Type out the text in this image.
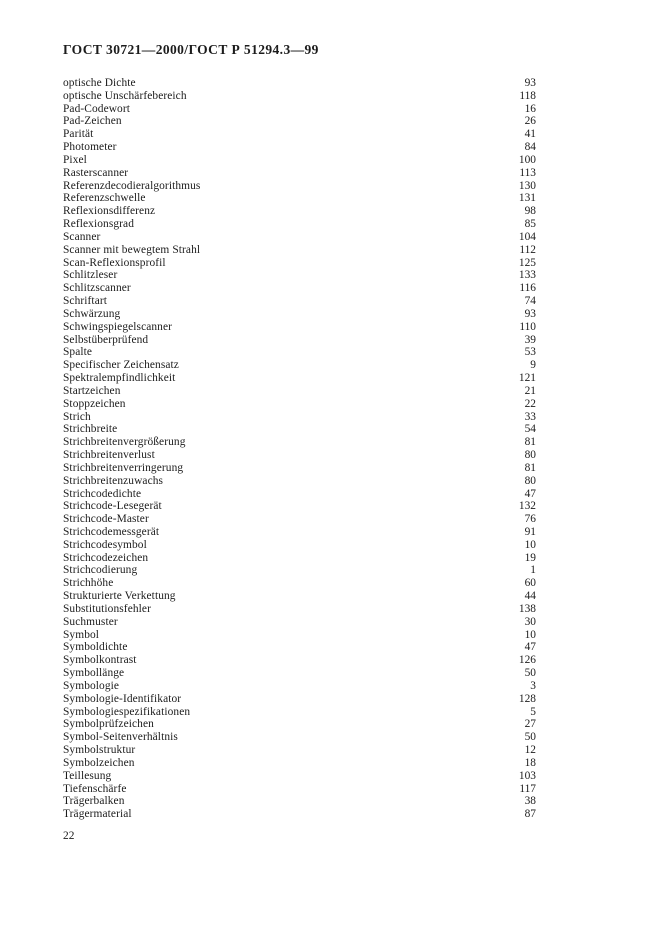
ГОСТ 30721—2000/ГОСТ Р 51294.3—99
optische Dichte	93
optische Unschärfebereich	118
Pad-Codewort	16
Pad-Zeichen	26
Parität	41
Photometer	84
Pixel	100
Rasterscanner	113
Referenzdecodieralgorithmus	130
Referenzschwelle	131
Reflexionsdifferenz	98
Reflexionsgrad	85
Scanner	104
Scanner mit bewegtem Strahl	112
Scan-Reflexionsprofil	125
Schlitzleser	133
Schlitzscanner	116
Schriftart	74
Schwärzung	93
Schwingspiegelscanner	110
Selbstüberprüfend	39
Spalte	53
Specifischer Zeichensatz	9
Spektralempfindlichkeit	121
Startzeichen	21
Stoppzeichen	22
Strich	33
Strichbreite	54
Strichbreitenvergrößerung	81
Strichbreitenverlust	80
Strichbreitenverringerung	81
Strichbreitenzuwachs	80
Strichcodedichte	47
Strichcode-Lesegerät	132
Strichcode-Master	76
Strichcodemessgerät	91
Strichcodesymbol	10
Strichcodezeichen	19
Strichcodierung	1
Strichhöhe	60
Strukturierte Verkettung	44
Substitutionsfehler	138
Suchmuster	30
Symbol	10
Symboldichte	47
Symbolkontrast	126
Symbollänge	50
Symbologie	3
Symbologie-Identifikator	128
Symbologiespezifikationen	5
Symbolprüfzeichen	27
Symbol-Seitenverhältnis	50
Symbolstruktur	12
Symbolzeichen	18
Teillesung	103
Tiefenschärfe	117
Trägerbalken	38
Trägermaterial	87
22
